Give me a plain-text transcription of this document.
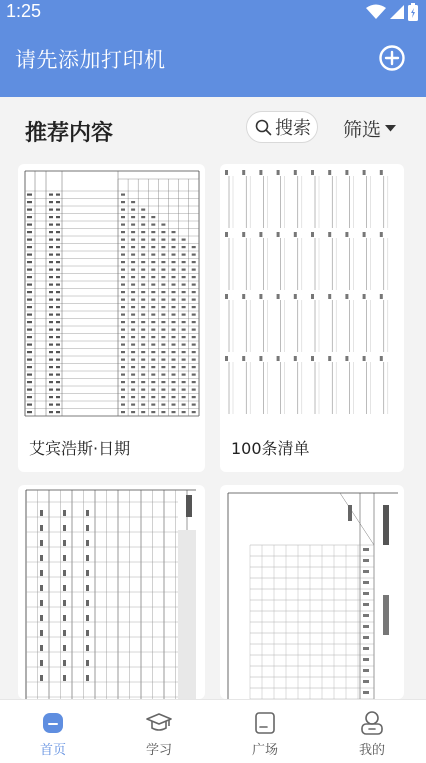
1:25
请先添加打印机
推荐内容	搜索 筛选
艾宾浩斯·日期	100条清单
首页	学习	广场	我的
